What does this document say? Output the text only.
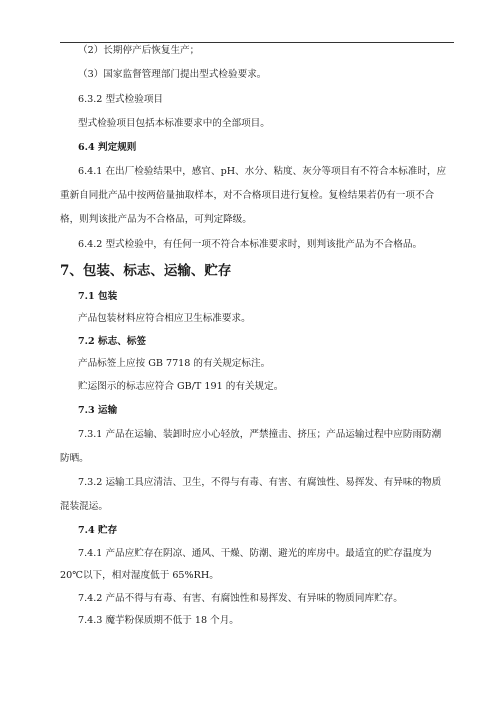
（2）长期停产后恢复生产；
（3）国家监督管理部门提出型式检验要求。
6.3.2 型式检验项目
型式检验项目包括本标准要求中的全部项目。
6.4 判定规则
6.4.1 在出厂检验结果中，感官、pH、水分、粘度、灰分等项目有不符合本标准时，应
重新自同批产品中按两倍量抽取样本，对不合格项目进行复检。复检结果若仍有一项不合
格，则判该批产品为不合格品，可判定降级。
6.4.2 型式检验中，有任何一项不符合本标准要求时，则判该批产品为不合格品。
7、包装、标志、运输、贮存
7.1 包装
产品包装材料应符合相应卫生标准要求。
7.2 标志、标签
产品标签上应按 GB 7718 的有关规定标注。
贮运图示的标志应符合 GB/T 191 的有关规定。
7.3 运输
7.3.1 产品在运输、装卸时应小心轻放，严禁撞击、挤压；产品运输过程中应防雨防潮
防晒。
7.3.2 运输工具应清洁、卫生，不得与有毒、有害、有腐蚀性、易挥发、有异味的物质
混装混运。
7.4 贮存
7.4.1 产品应贮存在阴凉、通风、干燥、防潮、避光的库房中。最适宜的贮存温度为
20℃以下，相对湿度低于 65%RH。
7.4.2 产品不得与有毒、有害、有腐蚀性和易挥发、有异味的物质同库贮存。
7.4.3 魔芋粉保质期不低于 18 个月。
